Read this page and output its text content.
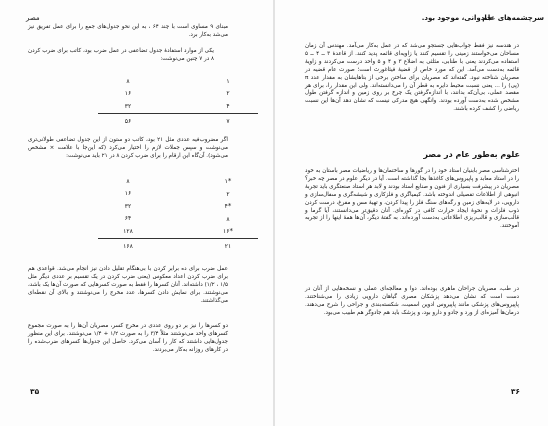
مصر

مبنای ۹ مساوی است با چند ۶۴ ، به این نحو جدول‌های جمع را برای عمل تفریق نیز می‌شد به‌کار برد.

یکی از موارد استفادهٔ جدول تضاعفی در عمل ضرب بود، کاتب برای ضرب کردن ۸ در ۷ چنین می‌نوشت:

۱		۸
۲		۱۶
۴		۳۲
۷		۵۶

اگر مضروب‌فیه عددی مثل ۲۱ بود، کاتب دو ستون از این جدول تضاعفی طولانی‌تری می‌نوشت و سپس جملات لازم را اختیار می‌کرد (که این‌جا با علامت × مشخص می‌شود). آن‌گاه این ارقام را برای ضرب کردن ۸ در ۲۱ باید می‌نوشت:

*۱		۸
۲		۱۶
*۴		۳۲
۸		۶۴
*۱۶		۱۲۸
۲۱		۱۶۸

عمل ضرب برای ده برابر کردن با بی‌هنگام تقلیل دادن نیز انجام می‌شد. قواعدی هم برای ضرب کردن اعداد معکوس (یعنی ضرب کردن در یک تقسیم بر عددی دیگر مثل ۱/۵ ، ۱/۲) داشته‌اند. آنان کسرها را فقط به صورت کسرهایی که صورت آن‌ها یک باشد، می‌نوشتند. برای نمایش دادن کسرها، عدد مخرج را می‌نوشتند و بالای آن نقطه‌ای می‌گذاشتند.

دو کسرها را نیز بر دو روی عددی در مخرج کسر، مصریان آن‌ها را به صورت مجموع کسرهای واحد می‌نوشتند مثلاً ۳/۴ را به صورت ۱/۲ + ۱/۴ می‌نوشتند. برای این منظور جدول‌هایی داشتند که کار را آسان می‌کرد. حاصل این جدول‌ها کسرهای ضرب‌شده را در کارهای روزانه به‌کار می‌بردند.

۳۵
سرچشمه‌های علم
جادوانی، موجود بود.

در هندسه نیز فقط جواب‌هایی جستجو می‌شد که در عمل به‌کار می‌آمد. مهندس آن زمان مساحان می‌خواستند زمینی را تقسیم کنند یا زاویه‌ای قائمه پدید کنند. از قاعدهٔ ۳ ــ ۴ ــ ۵ استفاده می‌کردند یعنی با طنابی، مثلثی به اضلاع ۳ و ۴ و ۵ واحد درست می‌کردند و زاویهٔ قائمه به‌دست می‌آمد. این که مورد خاص از قضیهٔ فیثاغورث است؛ صورت عام قضیه در مصریان شناخته نبود. گفته‌اند که مصریان برای ساختن برخی از بناهایشان به مقدار عدد π (پی) را ... یعنی نسبت محیط دایره به قطر آن را می‌دانسته‌اند. ولی این مقدار را، برای هر مقصد عملی، بی‌آن‌که بدانند، با اندازه‌گرفتن یک چرخ بر روی زمین و اندازه گرفتن طول مشخص شده به‌دست آورده بودند. وانگهی هیچ مدرکی نیست که نشان دهد آن‌ها این نسبت ریاضی را کشف کرده باشند.

علوم به‌طور عام در مصر

اخترشناسی مصر بابنیان استاد خود را در گورها و ساختمان‌ها و ریاضیات مصر باستان به خود را در استاد معابد و پاپیروس‌های کاغذها بجا گذاشته است. آیا در دیگر علوم در مصر چه خبر؟ مصریان در پیشرفت بسیاری از فنون و صنایع استاد بودند و لابد هر استاد صنعتگری باید تجربهٔ انبوهی از اطلاعات تفصیلی اندوخته باشد. کیمیاگری و فلزکاری و شیشه‌گری و سفال‌سازی و دارویی، در لایه‌های زمین و رگه‌های سنگ فلز را پیدا کردن، و تهیهٔ مس و مفرغ، درست کردن ذوب فلزات و نحوهٔ ایجاد حرارت کافی در کوره‌ای. آنان دقیق‌تر می‌دانستند، آیا گرما و قالب‌سازی و قالب‌ریزی اطلاعاتی به‌دست آورده‌اند. به گفتهٔ دیگر، آن‌ها همهٔ اینها را از تجربه آموختند.

در طب، مصریان جراحان ماهری بوده‌اند. دوا و معالجه‌ای عملی و نسخه‌هایی از آنان در دست است که نشان می‌دهد پزشکان مصری گیاهان دارویی زیادی را می‌شناختند. پاپیروس‌های پزشکی مانند پاپیروس ادوین اسمیت، شکسته‌بندی و جراحی را شرح می‌دهند. درمان‌ها آمیزه‌ای از ورد و جادو و دارو بود، و پزشک باید هم جادوگر هم طبیب می‌بود.

۳۶
